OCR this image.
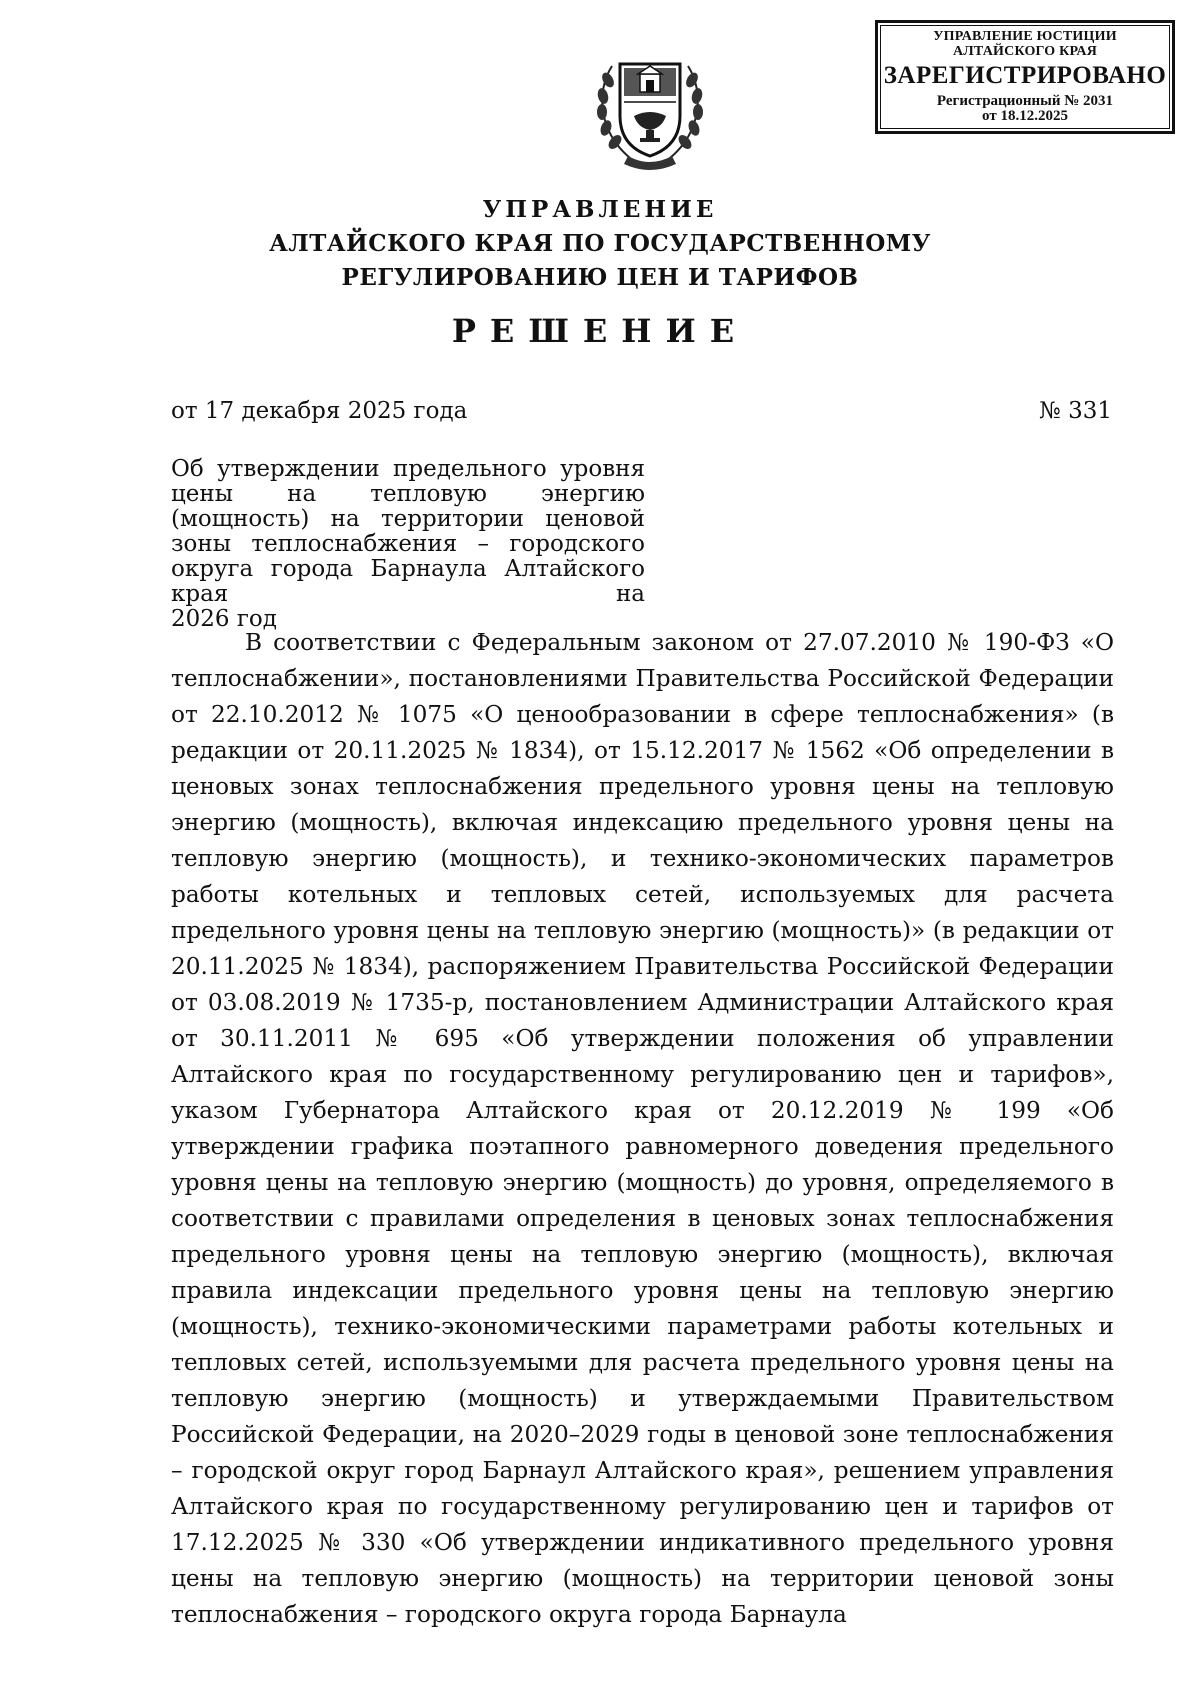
УПРАВЛЕНИЕ ЮСТИЦИИ
АЛТАЙСКОГО КРАЯ
ЗАРЕГИСТРИРОВАНО
Регистрационный № 2031
от 18.12.2025
УПРАВЛЕНИЕ
АЛТАЙСКОГО КРАЯ ПО ГОСУДАРСТВЕННОМУ
РЕГУЛИРОВАНИЮ ЦЕН И ТАРИФОВ
РЕШЕНИЕ
от 17 декабря 2025 года	№ 331
Об утверждении предельного уровня цены на тепловую энергию (мощность) на территории ценовой зоны теплоснабжения – городского округа города Барнаула Алтайского края на
2026 год

В соответствии с Федеральным законом от 27.07.2010 № 190-ФЗ «О теплоснабжении», постановлениями Правительства Российской Федерации от 22.10.2012 № 1075 «О ценообразовании в сфере теплоснабжения» (в редакции от 20.11.2025 № 1834), от 15.12.2017 № 1562 «Об определении в ценовых зонах теплоснабжения предельного уровня цены на тепловую энергию (мощность), включая индексацию предельного уровня цены на тепловую энергию (мощность), и технико-экономических параметров работы котельных и тепловых сетей, используемых для расчета предельного уровня цены на тепловую энергию (мощность)» (в редакции от 20.11.2025 № 1834), распоряжением Правительства Российской Федерации от 03.08.2019 № 1735-р, постановлением Администрации Алтайского края от 30.11.2011 № 695 «Об утверждении положения об управлении Алтайского края по государственному регулированию цен и тарифов», указом Губернатора Алтайского края от 20.12.2019 № 199 «Об утверждении графика поэтапного равномерного доведения предельного уровня цены на тепловую энергию (мощность) до уровня, определяемого в соответствии с правилами определения в ценовых зонах теплоснабжения предельного уровня цены на тепловую энергию (мощность), включая правила индексации предельного уровня цены на тепловую энергию (мощность), технико-экономическими параметрами работы котельных и тепловых сетей, используемыми для расчета предельного уровня цены на тепловую энергию (мощность) и утверждаемыми Правительством Российской Федерации, на 2020–2029 годы в ценовой зоне теплоснабжения – городской округ город Барнаул Алтайского края», решением управления Алтайского края по государственному регулированию цен и тарифов от 17.12.2025 № 330 «Об утверждении индикативного предельного уровня цены на тепловую энергию (мощность) на территории ценовой зоны теплоснабжения – городского округа города Барнаула
